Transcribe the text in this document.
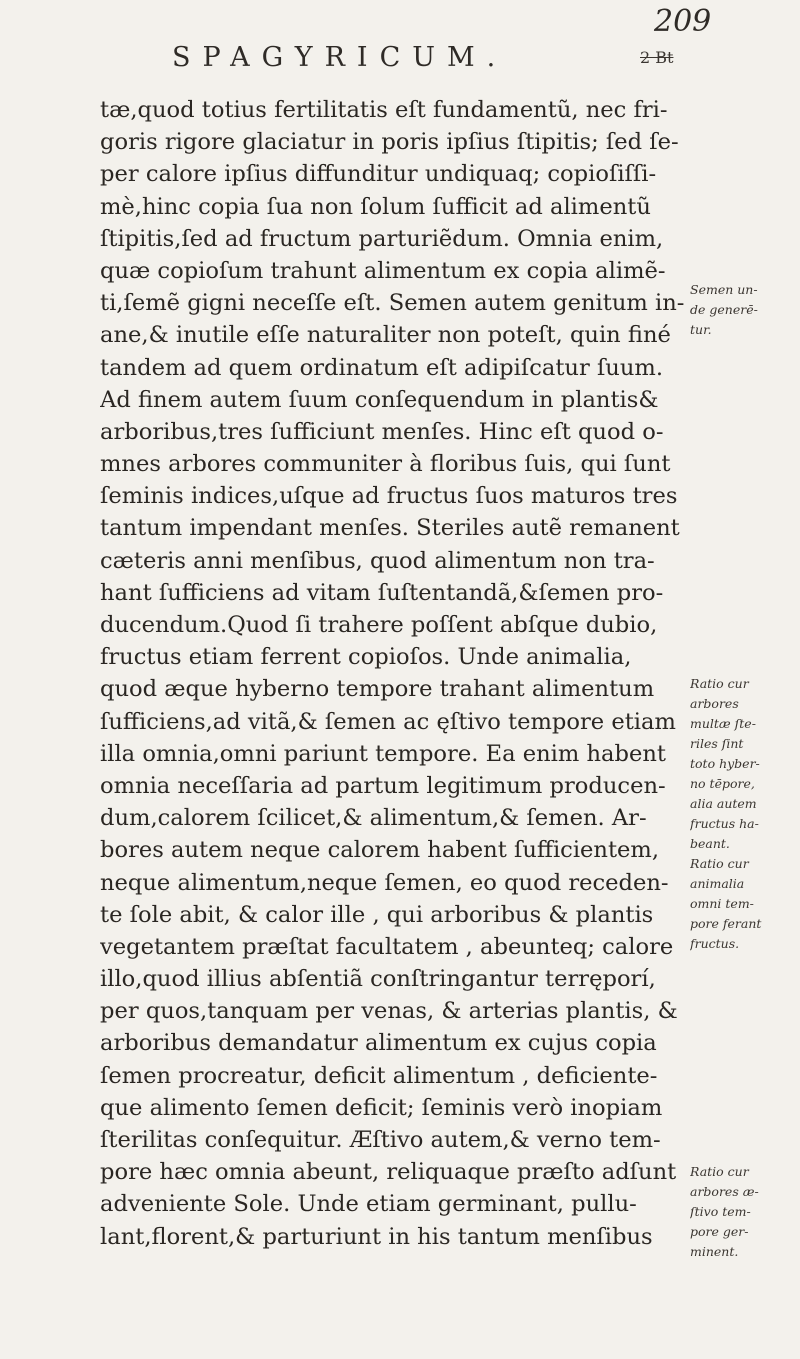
SPAGYRICUM.
209
2 Bt
tæ,quod totius fertilitatis eſt fundamentũ, nec fri-
goris rigore glaciatur in poris ipſius ſtipitis; ſed ſe-
per calore ipſius diffunditur undiquaq; copioſiſſi-
mè,hinc copia ſua non ſolum ſufficit ad alimentũ
ſtipitis,ſed ad fructum parturiẽdum. Omnia enim,
quæ copioſum trahunt alimentum ex copia alimẽ-
ti,ſemẽ gigni neceſſe eſt. Semen autem genitum in-
ane,& inutile eſſe naturaliter non poteſt, quin finé
tandem ad quem ordinatum eſt adipiſcatur ſuum.
Ad finem autem ſuum conſequendum in plantis&
arboribus,tres ſufficiunt menſes. Hinc eſt quod o-
mnes arbores communiter à floribus ſuis, qui ſunt
ſeminis indices,uſque ad fructus ſuos maturos tres
tantum impendant menſes. Steriles autẽ remanent
cæteris anni menſibus, quod alimentum non tra-
hant ſufficiens ad vitam ſuſtentandã,&ſemen pro-
ducendum.Quod ſi trahere poſſent abſque dubio,
fructus etiam ferrent copioſos. Unde animalia,
quod æque hyberno tempore trahant alimentum
ſufficiens,ad vitã,& ſemen ac ęſtivo tempore etiam
illa omnia,omni pariunt tempore. Ea enim habent
omnia neceſſaria ad partum legitimum producen-
dum,calorem ſcilicet,& alimentum,& ſemen. Ar-
bores autem neque calorem habent ſufficientem,
neque alimentum,neque ſemen, eo quod receden-
te ſole abit, & calor ille , qui arboribus & plantis
vegetantem præſtat facultatem , abeunteq; calore
illo,quod illius abſentiã conſtringantur terręporí,
per quos,tanquam per venas, & arterias plantis, &
arboribus demandatur alimentum ex cujus copia
ſemen procreatur, deficit alimentum , deficiente-
que alimento ſemen deficit; ſeminis verò inopiam
ſterilitas conſequitur. Æſtivo autem,& verno tem-
pore hæc omnia abeunt, reliquaque præſto adſunt
adveniente Sole. Unde etiam germinant, pullu-
lant,florent,& parturiunt in his tantum menſibus
Semen un-
de generē-
tur.
Ratio cur
arbores
multæ ſte-
riles ſint
toto hyber-
no tēpore,
alia autem
fructus ha-
beant.
Ratio cur
animalia
omni tem-
pore ferant
fructus.
Ratio cur
arbores æ-
ſtivo tem-
pore ger-
minent.
